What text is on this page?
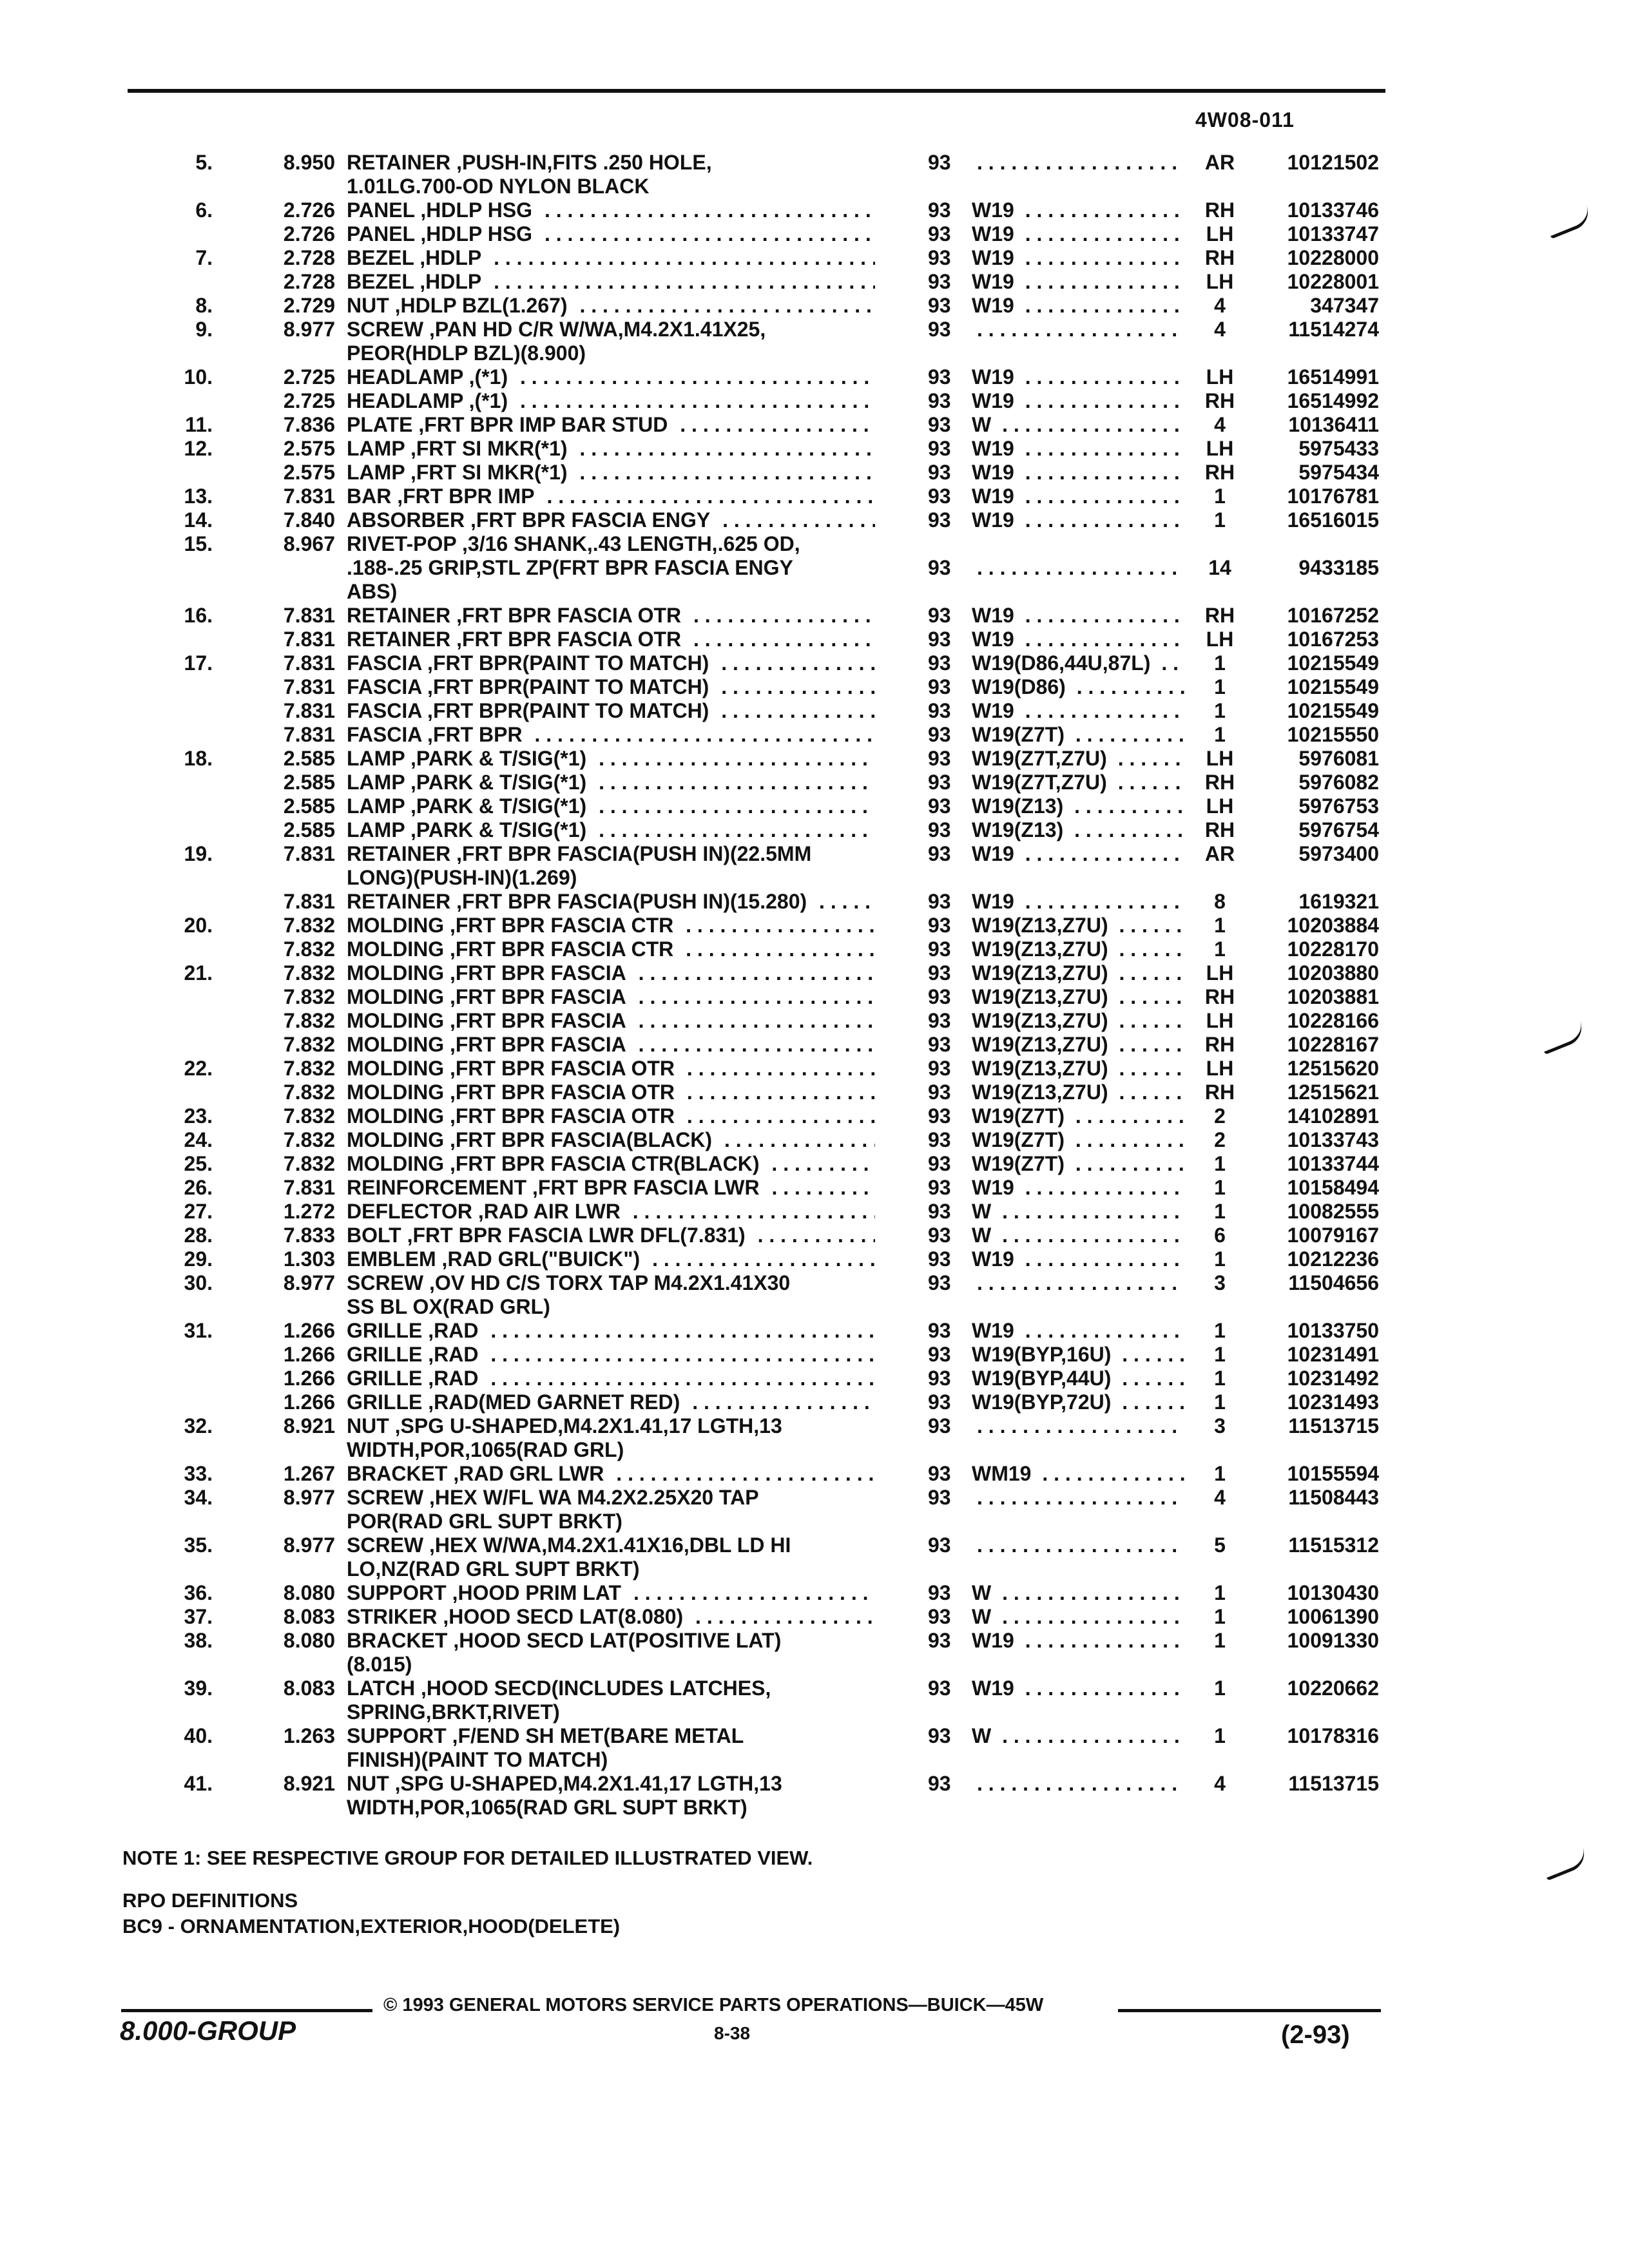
4W08-011
5.	8.950 RETAINER ,PUSH-IN,FITS .250 HOLE,
1.01LG.700-OD NYLON BLACK
93 . . .	AR	10121502
6.	2.726 PANEL ,HDLP HSG . . .	93 W19 . . .	RH	10133746
2.726 PANEL ,HDLP HSG . . .	93 W19 . . .	LH	10133747
7.	2.728 BEZEL ,HDLP . . .	93 W19 . . .	RH	10228000
2.728 BEZEL ,HDLP . . .	93 W19 . . .	LH	10228001
8.	2.729 NUT ,HDLP BZL(1.267) . . .	93 W19 . . .	4	347347
9.	8.977 SCREW ,PAN HD C/R W/WA,M4.2X1.41X25,
PEOR(HDLP BZL)(8.900)
93 . . .	4	11514274
10.	2.725 HEADLAMP ,(*1) . . .	93 W19 . . .	LH	16514991
2.725 HEADLAMP ,(*1) . . .	93 W19 . . .	RH	16514992
11.	7.836 PLATE ,FRT BPR IMP BAR STUD . . .	93 W . . .	4	10136411
12.	2.575 LAMP ,FRT SI MKR(*1) . . .	93 W19 . . .	LH	5975433
2.575 LAMP ,FRT SI MKR(*1) . . .	93 W19 . . .	RH	5975434
13.	7.831 BAR ,FRT BPR IMP . . .	93 W19 . . .	1	10176781
14.	7.840 ABSORBER ,FRT BPR FASCIA ENGY . . .	93 W19 . . .	1	16516015
15.	8.967 RIVET-POP ,3/16 SHANK,.43 LENGTH,.625 OD,
.188-.25 GRIP,STL ZP(FRT BPR FASCIA ENGY
ABS)
93 . . .	14	9433185
16.	7.831 RETAINER ,FRT BPR FASCIA OTR . . .	93 W19 . . .	RH	10167252
7.831 RETAINER ,FRT BPR FASCIA OTR . . .	93 W19 . . .	LH	10167253
17.	7.831 FASCIA ,FRT BPR(PAINT TO MATCH) . . .	93 W19(D86,44U,87L) . . .	1	10215549
7.831 FASCIA ,FRT BPR(PAINT TO MATCH) . . .	93 W19(D86) . . .	1	10215549
7.831 FASCIA ,FRT BPR(PAINT TO MATCH) . . .	93 W19 . . .	1	10215549
7.831 FASCIA ,FRT BPR . . .	93 W19(Z7T) . . .	1	10215550
18.	2.585 LAMP ,PARK & T/SIG(*1) . . .	93 W19(Z7T,Z7U) . . .	LH	5976081
2.585 LAMP ,PARK & T/SIG(*1) . . .	93 W19(Z7T,Z7U) . . .	RH	5976082
2.585 LAMP ,PARK & T/SIG(*1) . . .	93 W19(Z13) . . .	LH	5976753
2.585 LAMP ,PARK & T/SIG(*1) . . .	93 W19(Z13) . . .	RH	5976754
19.	7.831 RETAINER ,FRT BPR FASCIA(PUSH IN)(22.5MM
LONG)(PUSH-IN)(1.269)
93 W19 . . .	AR	5973400
7.831 RETAINER ,FRT BPR FASCIA(PUSH IN)(15.280) . . .	93 W19 . . .	8	1619321
20.	7.832 MOLDING ,FRT BPR FASCIA CTR . . .	93 W19(Z13,Z7U) . . .	1	10203884
7.832 MOLDING ,FRT BPR FASCIA CTR . . .	93 W19(Z13,Z7U) . . .	1	10228170
21.	7.832 MOLDING ,FRT BPR FASCIA . . .	93 W19(Z13,Z7U) . . .	LH	10203880
7.832 MOLDING ,FRT BPR FASCIA . . .	93 W19(Z13,Z7U) . . .	RH	10203881
7.832 MOLDING ,FRT BPR FASCIA . . .	93 W19(Z13,Z7U) . . .	LH	10228166
7.832 MOLDING ,FRT BPR FASCIA . . .	93 W19(Z13,Z7U) . . .	RH	10228167
22.	7.832 MOLDING ,FRT BPR FASCIA OTR . . .	93 W19(Z13,Z7U) . . .	LH	12515620
7.832 MOLDING ,FRT BPR FASCIA OTR . . .	93 W19(Z13,Z7U) . . .	RH	12515621
23.	7.832 MOLDING ,FRT BPR FASCIA OTR . . .	93 W19(Z7T) . . .	2	14102891
24.	7.832 MOLDING ,FRT BPR FASCIA(BLACK) . . .	93 W19(Z7T) . . .	2	10133743
25.	7.832 MOLDING ,FRT BPR FASCIA CTR(BLACK) . . .	93 W19(Z7T) . . .	1	10133744
26.	7.831 REINFORCEMENT ,FRT BPR FASCIA LWR . . .	93 W19 . . .	1	10158494
27.	1.272 DEFLECTOR ,RAD AIR LWR . . .	93 W . . .	1	10082555
28.	7.833 BOLT ,FRT BPR FASCIA LWR DFL(7.831) . . .	93 W . . .	6	10079167
29.	1.303 EMBLEM ,RAD GRL("BUICK") . . .	93 W19 . . .	1	10212236
30.	8.977 SCREW ,OV HD C/S TORX TAP M4.2X1.41X30
SS BL OX(RAD GRL)
93 . . .	3	11504656
31.	1.266 GRILLE ,RAD . . .	93 W19 . . .	1	10133750
1.266 GRILLE ,RAD . . .	93 W19(BYP,16U) . . .	1	10231491
1.266 GRILLE ,RAD . . .	93 W19(BYP,44U) . . .	1	10231492
1.266 GRILLE ,RAD(MED GARNET RED) . . .	93 W19(BYP,72U) . . .	1	10231493
32.	8.921 NUT ,SPG U-SHAPED,M4.2X1.41,17 LGTH,13
WIDTH,POR,1065(RAD GRL)
93 . . .	3	11513715
33.	1.267 BRACKET ,RAD GRL LWR . . .	93 WM19 . . .	1	10155594
34.	8.977 SCREW ,HEX W/FL WA M4.2X2.25X20 TAP
POR(RAD GRL SUPT BRKT)
93 . . .	4	11508443
35.	8.977 SCREW ,HEX W/WA,M4.2X1.41X16,DBL LD HI
LO,NZ(RAD GRL SUPT BRKT)
93 . . .	5	11515312
36.	8.080 SUPPORT ,HOOD PRIM LAT . . .	93 W . . .	1	10130430
37.	8.083 STRIKER ,HOOD SECD LAT(8.080) . . .	93 W . . .	1	10061390
38.	8.080 BRACKET ,HOOD SECD LAT(POSITIVE LAT)
(8.015)
93 W19 . . .	1	10091330
39.	8.083 LATCH ,HOOD SECD(INCLUDES LATCHES,
SPRING,BRKT,RIVET)
93 W19 . . .	1	10220662
40.	1.263 SUPPORT ,F/END SH MET(BARE METAL
FINISH)(PAINT TO MATCH)
93 W . . .	1	10178316
41.	8.921 NUT ,SPG U-SHAPED,M4.2X1.41,17 LGTH,13
WIDTH,POR,1065(RAD GRL SUPT BRKT)
93 . . .	4	11513715
NOTE 1: SEE RESPECTIVE GROUP FOR DETAILED ILLUSTRATED VIEW.
RPO DEFINITIONS
BC9 - ORNAMENTATION,EXTERIOR,HOOD(DELETE)
© 1993 GENERAL MOTORS SERVICE PARTS OPERATIONS—BUICK—45W
8.000-GROUP	8-38	(2-93)
